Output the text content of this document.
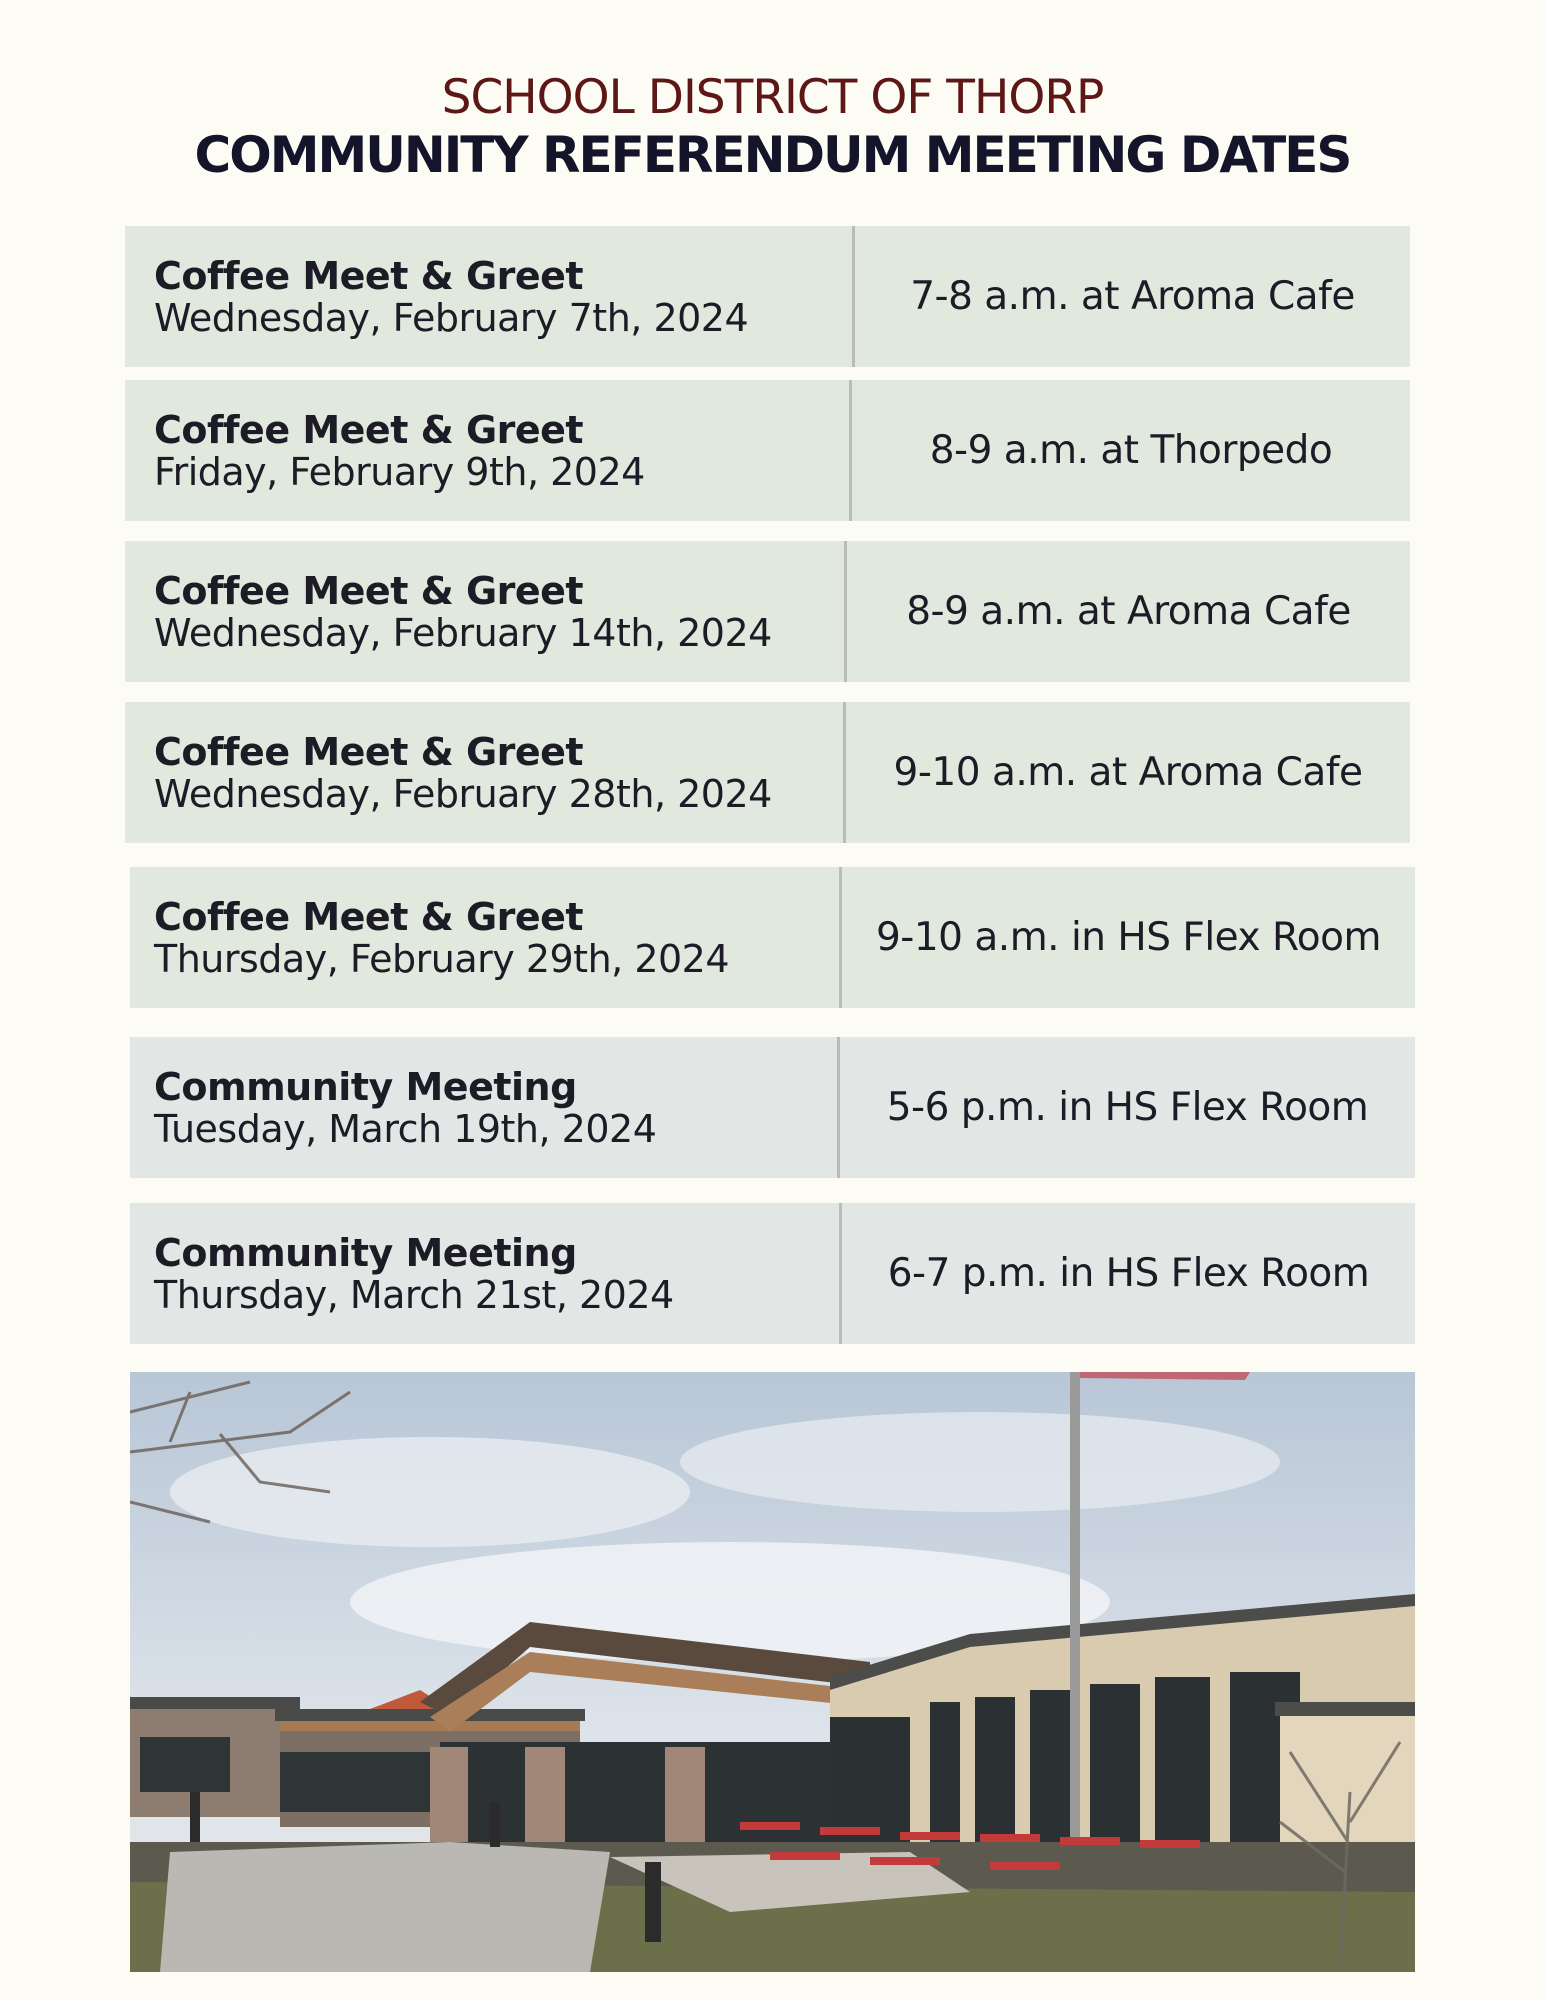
SCHOOL DISTRICT OF THORP
COMMUNITY REFERENDUM MEETING DATES
Coffee Meet & Greet
Wednesday, February 7th, 2024	7-8 a.m. at Aroma Cafe
Coffee Meet & Greet
Friday, February 9th, 2024	8-9 a.m. at Thorpedo
Coffee Meet & Greet
Wednesday, February 14th, 2024	8-9 a.m. at Aroma Cafe
Coffee Meet & Greet
Wednesday, February 28th, 2024	9-10 a.m. at Aroma Cafe
Coffee Meet & Greet
Thursday, February 29th, 2024	9-10 a.m. in HS Flex Room
Community Meeting
Tuesday, March 19th, 2024	5-6 p.m. in HS Flex Room
Community Meeting
Thursday, March 21st, 2024	6-7 p.m. in HS Flex Room
